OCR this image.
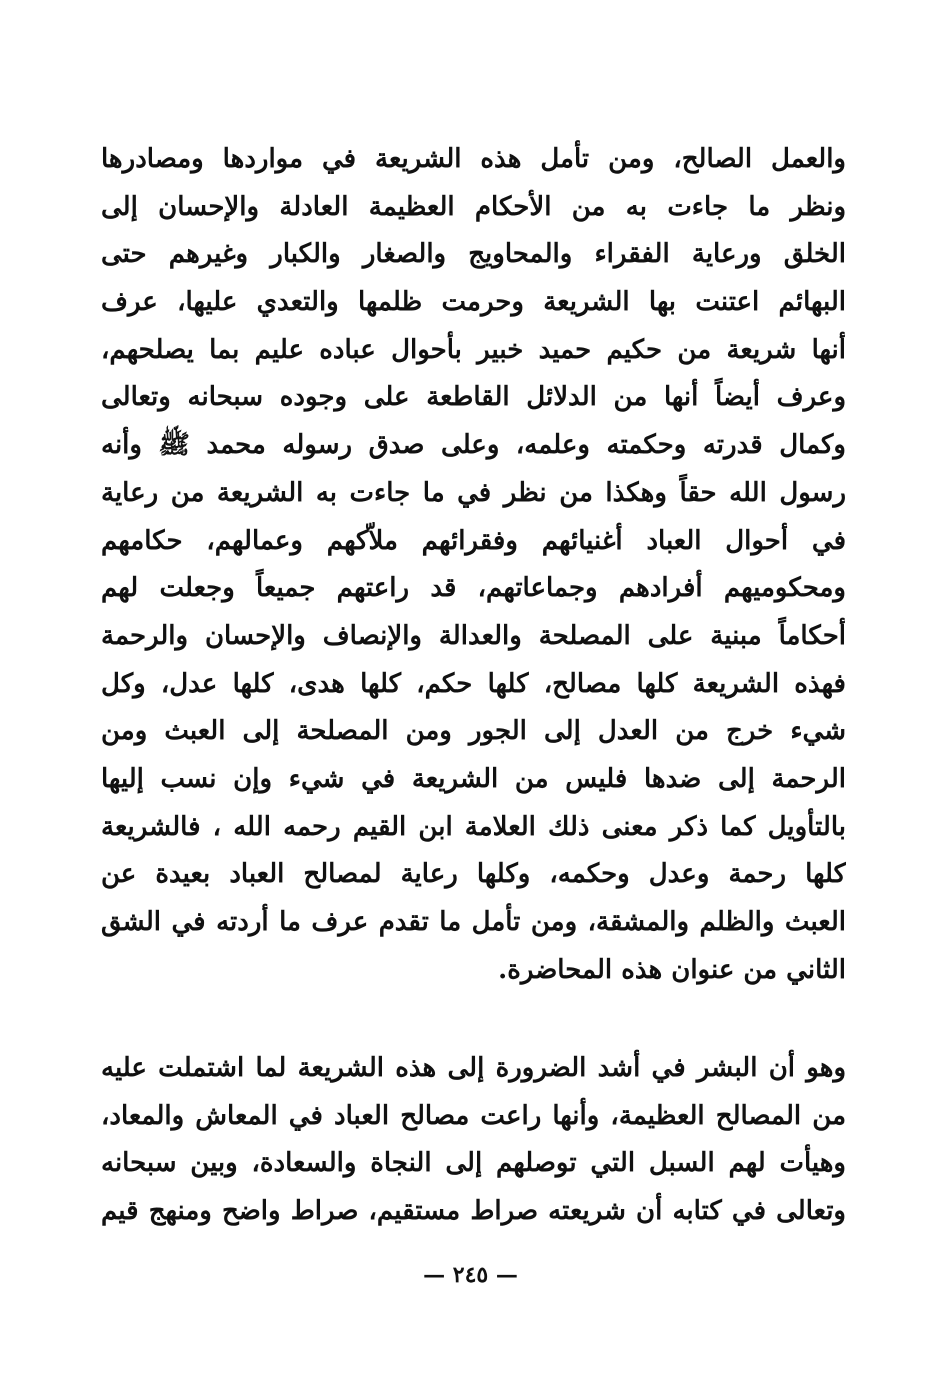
والعمل الصالح، ومن تأمل هذه الشريعة في مواردها ومصادرها
ونظر ما جاءت به من الأحكام العظيمة العادلة والإحسان إلى
الخلق ورعاية الفقراء والمحاويج والصغار والكبار وغيرهم حتى
البهائم اعتنت بها الشريعة وحرمت ظلمها والتعدي عليها، عرف
أنها شريعة من حكيم حميد خبير بأحوال عباده عليم بما يصلحهم،
وعرف أيضاً أنها من الدلائل القاطعة على وجوده سبحانه وتعالى
وكمال قدرته وحكمته وعلمه، وعلى صدق رسوله محمد ﷺ وأنه
رسول الله حقاً وهكذا من نظر في ما جاءت به الشريعة من رعاية
في أحوال العباد أغنيائهم وفقرائهم ملاّكهم وعمالهم، حكامهم
ومحكوميهم أفرادهم وجماعاتهم، قد راعتهم جميعاً وجعلت لهم
أحكاماً مبنية على المصلحة والعدالة والإنصاف والإحسان والرحمة
فهذه الشريعة كلها مصالح، كلها حكم، كلها هدى، كلها عدل، وكل
شيء خرج من العدل إلى الجور ومن المصلحة إلى العبث ومن
الرحمة إلى ضدها فليس من الشريعة في شيء وإن نسب إليها
بالتأويل كما ذكر معنى ذلك العلامة ابن القيم رحمه الله ، فالشريعة
كلها رحمة وعدل وحكمه، وكلها رعاية لمصالح العباد بعيدة عن
العبث والظلم والمشقة، ومن تأمل ما تقدم عرف ما أردته في الشق
الثاني من عنوان هذه المحاضرة.
وهو أن البشر في أشد الضرورة إلى هذه الشريعة لما اشتملت عليه
من المصالح العظيمة، وأنها راعت مصالح العباد في المعاش والمعاد،
وهيأت لهم السبل التي توصلهم إلى النجاة والسعادة، وبين سبحانه
وتعالى في كتابه أن شريعته صراط مستقيم، صراط واضح ومنهج قيم
— ٢٤٥ —
